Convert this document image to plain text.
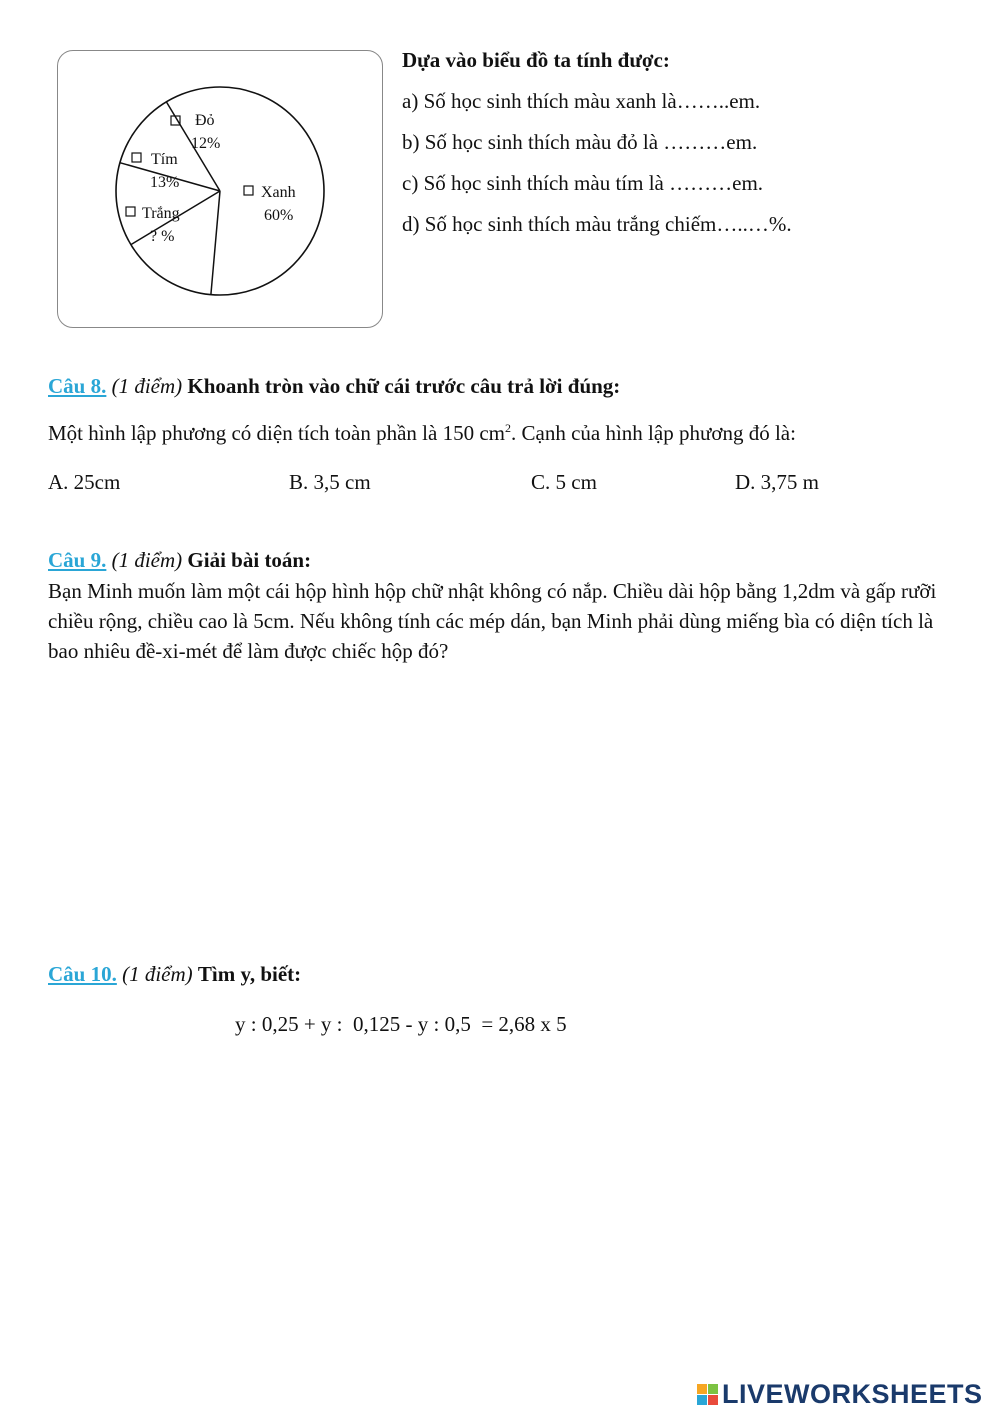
Đỏ
12%
Tím
13%
Xanh
60%
Trắng
? %
Dựa vào biểu đồ ta tính được:
a) Số học sinh thích màu xanh là……..em.
b) Số học sinh thích màu đỏ là ………em.
c) Số học sinh thích màu tím là ………em.
d) Số học sinh thích màu trắng chiếm…..…%.
Câu 8. (1 điểm) Khoanh tròn vào chữ cái trước câu trả lời đúng:
Một hình lập phương có diện tích toàn phần là 150 $cm^2$. Cạnh của hình lập phương đó là:
A. 25cm	B. 3,5 cm	C. 5 cm	D. 3,75 m
Câu 9. (1 điểm) Giải bài toán:
Bạn Minh muốn làm một cái hộp hình hộp chữ nhật không có nắp. Chiều dài hộp bằng 1,2dm và gấp rưỡi chiều rộng, chiều cao là 5cm. Nếu không tính các mép dán, bạn Minh phải dùng miếng bìa có diện tích là bao nhiêu đề-xi-mét để làm được chiếc hộp đó?
Câu 10. (1 điểm) Tìm y, biết:
y : 0,25 + y :  0,125 - y : 0,5  = 2,68 x 5
LIVEWORKSHEETS
